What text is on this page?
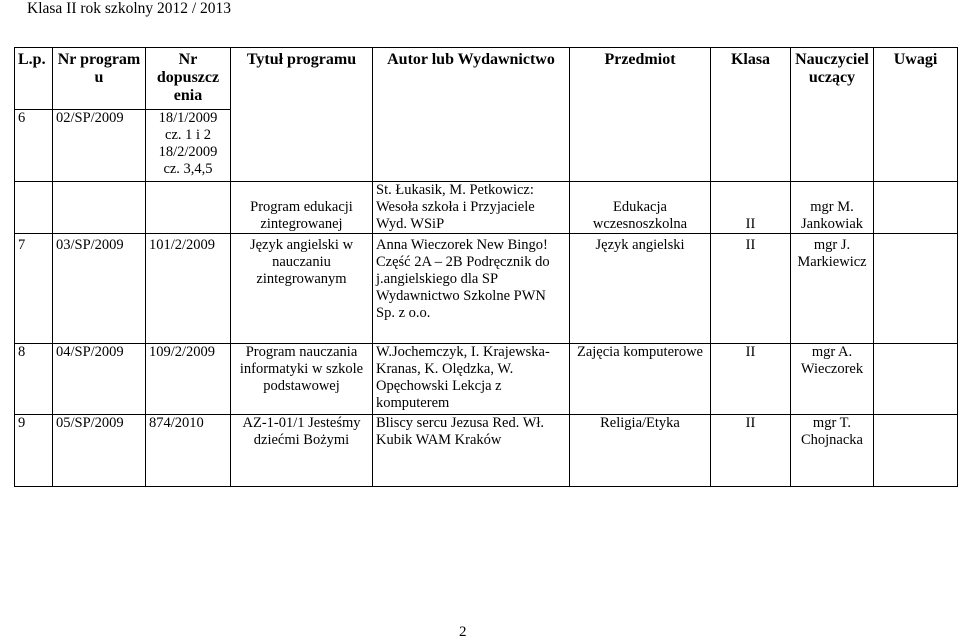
Klasa II rok szkolny 2012 / 2013
L.p.	Nr program u	Nr dopuszcz enia	Tytuł programu	Autor lub Wydawnictwo	Przedmiot	Klasa	Nauczyciel uczący	Uwagi
6	02/SP/2009	18/1/2009 cz. 1 i 2 18/2/2009 cz. 3,4,5						
			Program edukacji zintegrowanej	St. Łukasik, M. Petkowicz: Wesoła szkoła i Przyjaciele Wyd. WSiP	Edukacja wczesnoszkolna	II	mgr M. Jankowiak	
7	03/SP/2009	101/2/2009	Język angielski w nauczaniu zintegrowanym	Anna Wieczorek New Bingo! Część 2A – 2B Podręcznik do j.angielskiego dla SP Wydawnictwo Szkolne PWN Sp. z o.o.	Język angielski	II	mgr J. Markiewicz	
8	04/SP/2009	109/2/2009	Program nauczania informatyki w szkole podstawowej	W.Jochemczyk, I. Krajewska- Kranas, K. Olędzka, W. Opęchowski Lekcja z komputerem	Zajęcia komputerowe	II	mgr A. Wieczorek	
9	05/SP/2009	874/2010	AZ-1-01/1 Jesteśmy dziećmi Bożymi	Bliscy sercu Jezusa Red. Wł. Kubik WAM Kraków	Religia/Etyka	II	mgr T. Chojnacka	
2
